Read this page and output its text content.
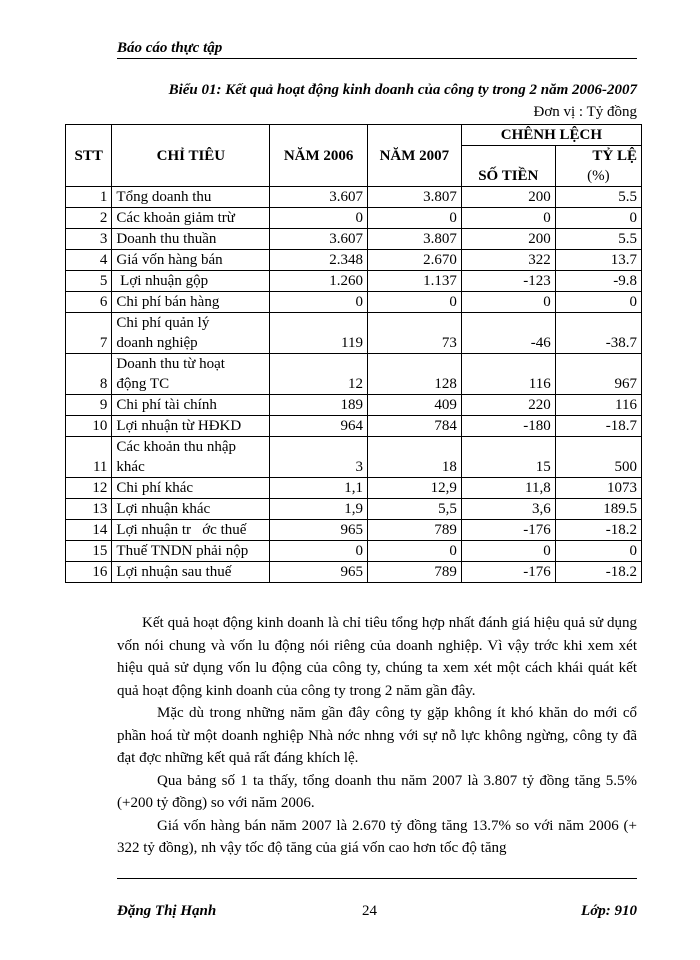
Báo cáo thực tập
Biểu 01: Kết quả hoạt động kinh doanh của công ty trong 2 năm 2006-2007
Đơn vị : Tỷ đồng
STT	CHỈ TIÊU	NĂM 2006	NĂM 2007	CHÊNH LỆCH	
				SỐ TIỀN	TỶ LỆ
(%)

1	Tổng doanh thu	3.607	3.807	200	5.5
2	Các khoản giảm trừ	0	0	0	0
3	Doanh thu thuần	3.607	3.807	200	5.5
4	Giá vốn hàng bán	2.348	2.670	322	13.7
5	Lợi nhuận gộp	1.260	1.137	-123	-9.8
6	Chi phí bán hàng	0	0	0	0
7	Chi phí quản lý
doanh nghiệp	119	73	-46	-38.7
8	Doanh thu từ hoạt
động TC	12	128	116	967
9	Chi phí tài chính	189	409	220	116
10	Lợi nhuận từ HĐKD	964	784	-180	-18.7
11	Các khoản thu nhập
khác	3	18	15	500
12	Chi phí khác	1,1	12,9	11,8	1073
13	Lợi nhuận khác	1,9	5,5	3,6	189.5
14	Lợi nhuận tr   ớc thuế	965	789	-176	-18.2
15	Thuế TNDN phải nộp	0	0	0	0
16	Lợi nhuận sau thuế	965	789	-176	-18.2

Kết quả hoạt động kinh doanh là chỉ tiêu tổng hợp nhất đánh giá hiệu quả sử dụng vốn nói chung và vốn lu động nói riêng của doanh nghiệp. Vì vậy trớc khi xem xét hiệu quả sử dụng vốn lu động của công ty, chúng ta xem xét một cách khái quát kết quả hoạt động kinh doanh của công ty trong 2 năm gần đây.

Mặc dù trong những năm gần đây công ty gặp không ít khó khăn do mới cổ phần hoá từ một doanh nghiệp Nhà nớc nhng với sự nỗ lực không ngừng, công ty đã đạt đợc những kết quả rất đáng khích lệ.

Qua bảng số 1 ta thấy, tổng doanh thu năm 2007 là 3.807 tỷ đồng tăng 5.5% (+200 tỷ đồng) so với năm 2006.

Giá vốn hàng bán năm 2007 là 2.670 tỷ đồng tăng 13.7% so với năm 2006 (+ 322 tỷ đồng), nh vậy tốc độ tăng của giá vốn cao hơn tốc độ tăng

Đặng Thị Hạnh	24	Lớp: 910
